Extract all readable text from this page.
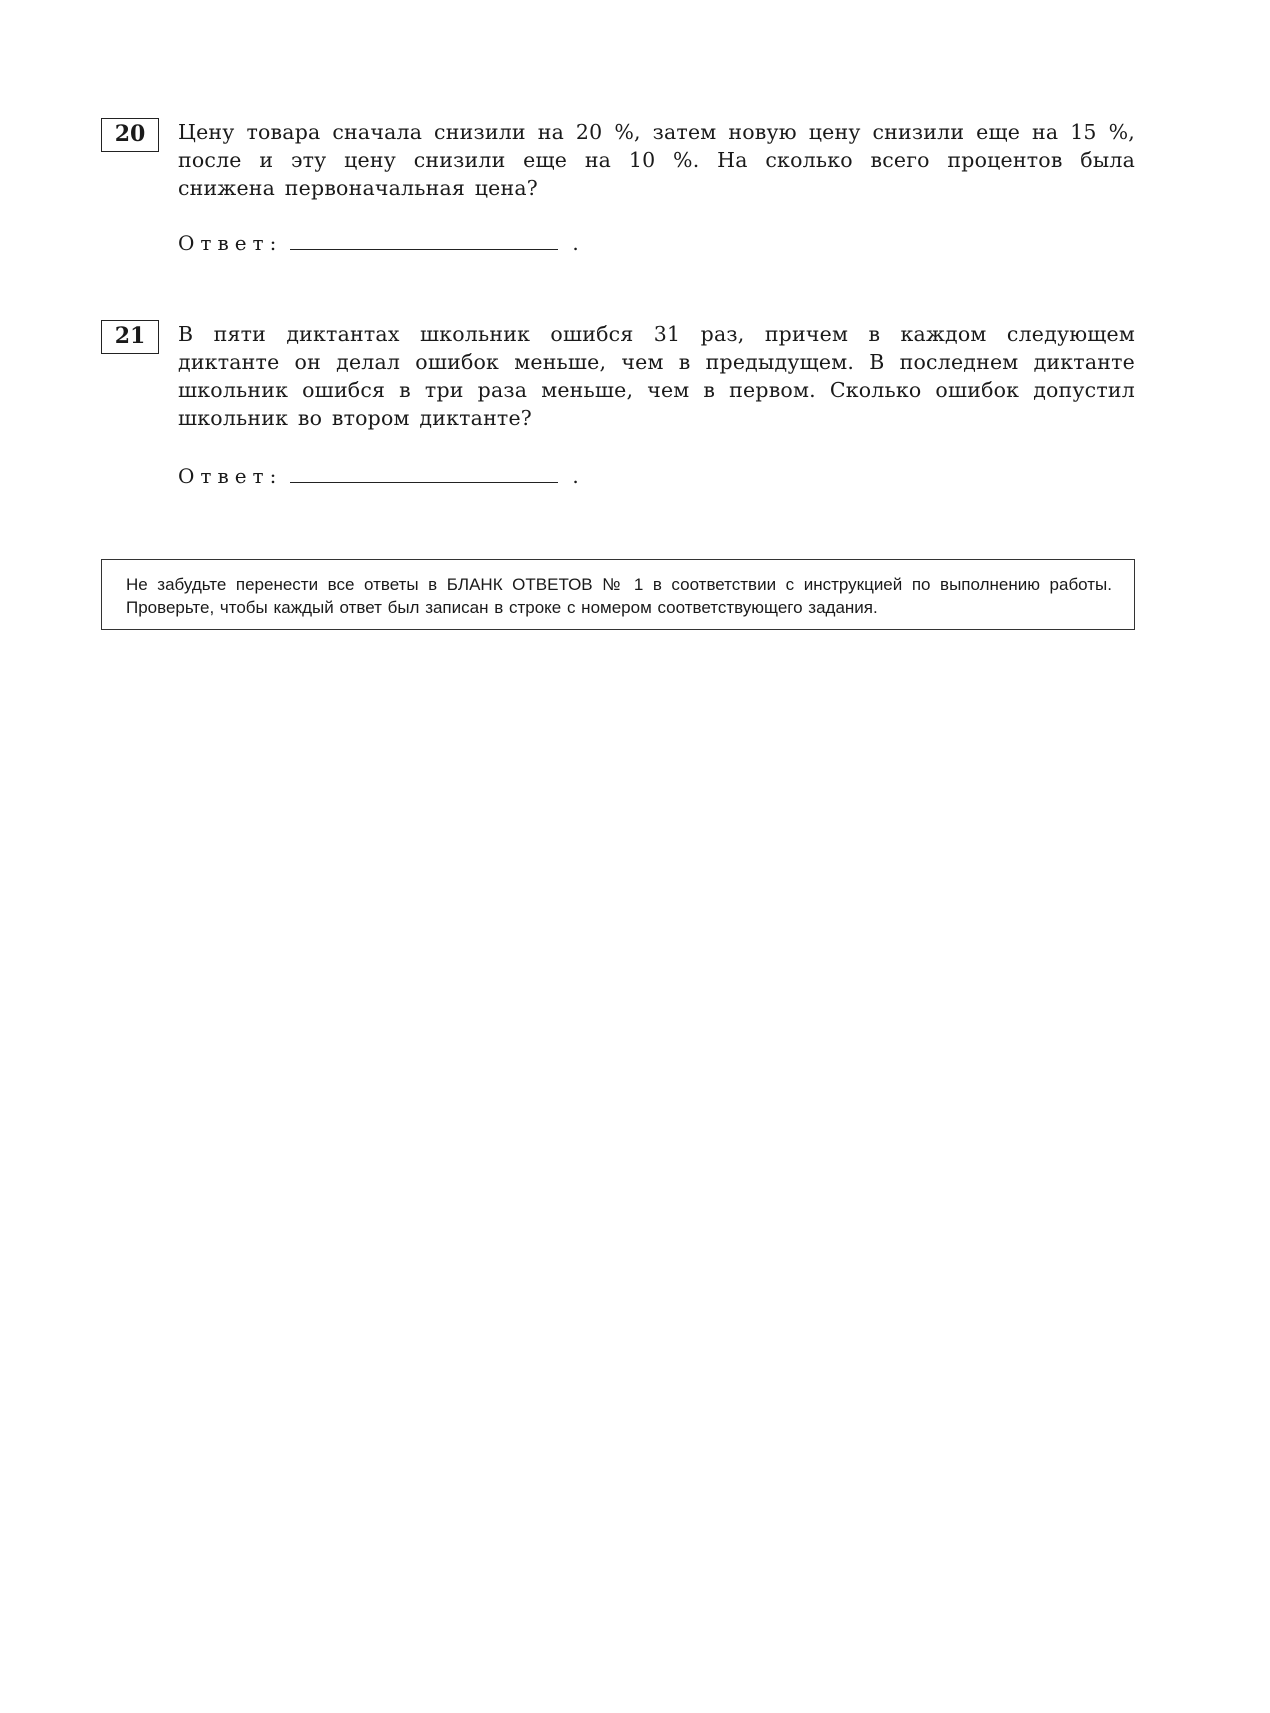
20	Цену товара сначала снизили на 20 %, затем новую цену снизили еще на 15 %, после и эту цену снизили еще на 10 %. На сколько всего процентов была снижена первоначальная цена?

Ответ:	.
21	В пяти диктантах школьник ошибся 31 раз, причем в каждом следующем диктанте он делал ошибок меньше, чем в предыдущем. В последнем диктанте школьник ошибся в три раза меньше, чем в первом. Сколько ошибок допустил школьник во втором диктанте?

Ответ:	.
Не забудьте перенести все ответы в БЛАНК ОТВЕТОВ № 1 в соответствии с инструкцией по выполнению работы. Проверьте, чтобы каждый ответ был записан в строке с номером соответствующего задания.
